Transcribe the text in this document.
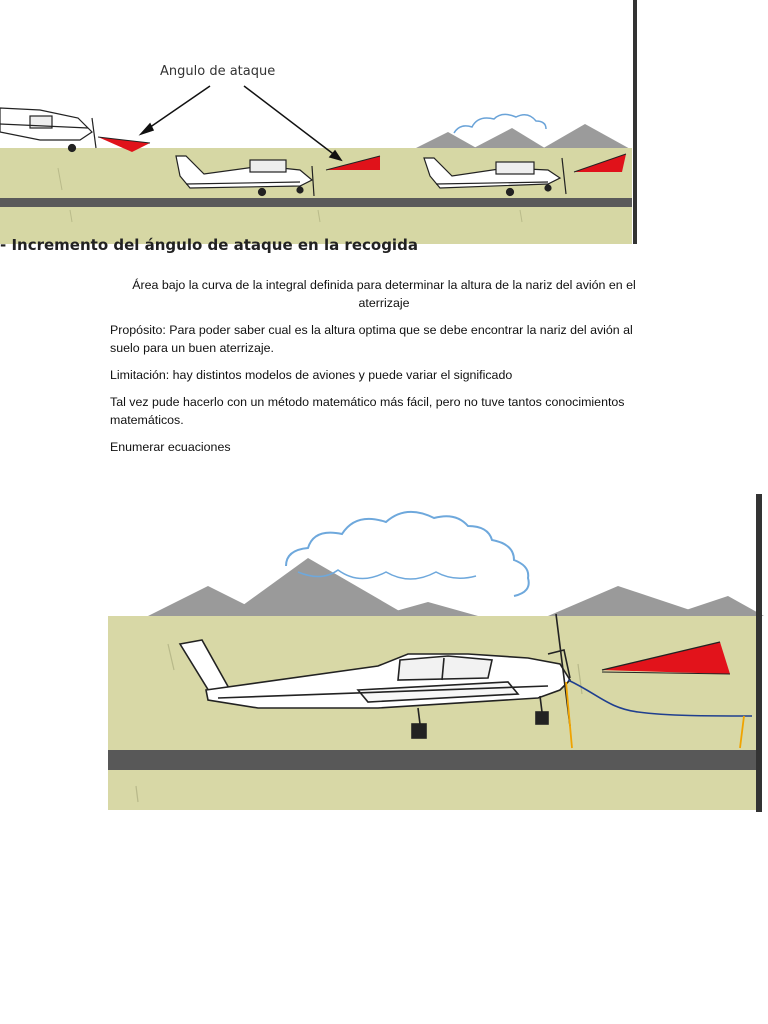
Angulo de ataque
- Incremento del ángulo de ataque en la recogida

Área bajo la curva de la integral definida para determinar la altura de la nariz del avión en el aterrizaje

Propósito: Para poder saber cual es la altura optima que se debe encontrar la nariz del avión al suelo para un buen aterrizaje.

Limitación: hay distintos modelos de aviones y puede variar el significado

Tal vez pude hacerlo con un método matemático más fácil, pero no tuve tantos conocimientos matemáticos.

Enumerar ecuaciones
